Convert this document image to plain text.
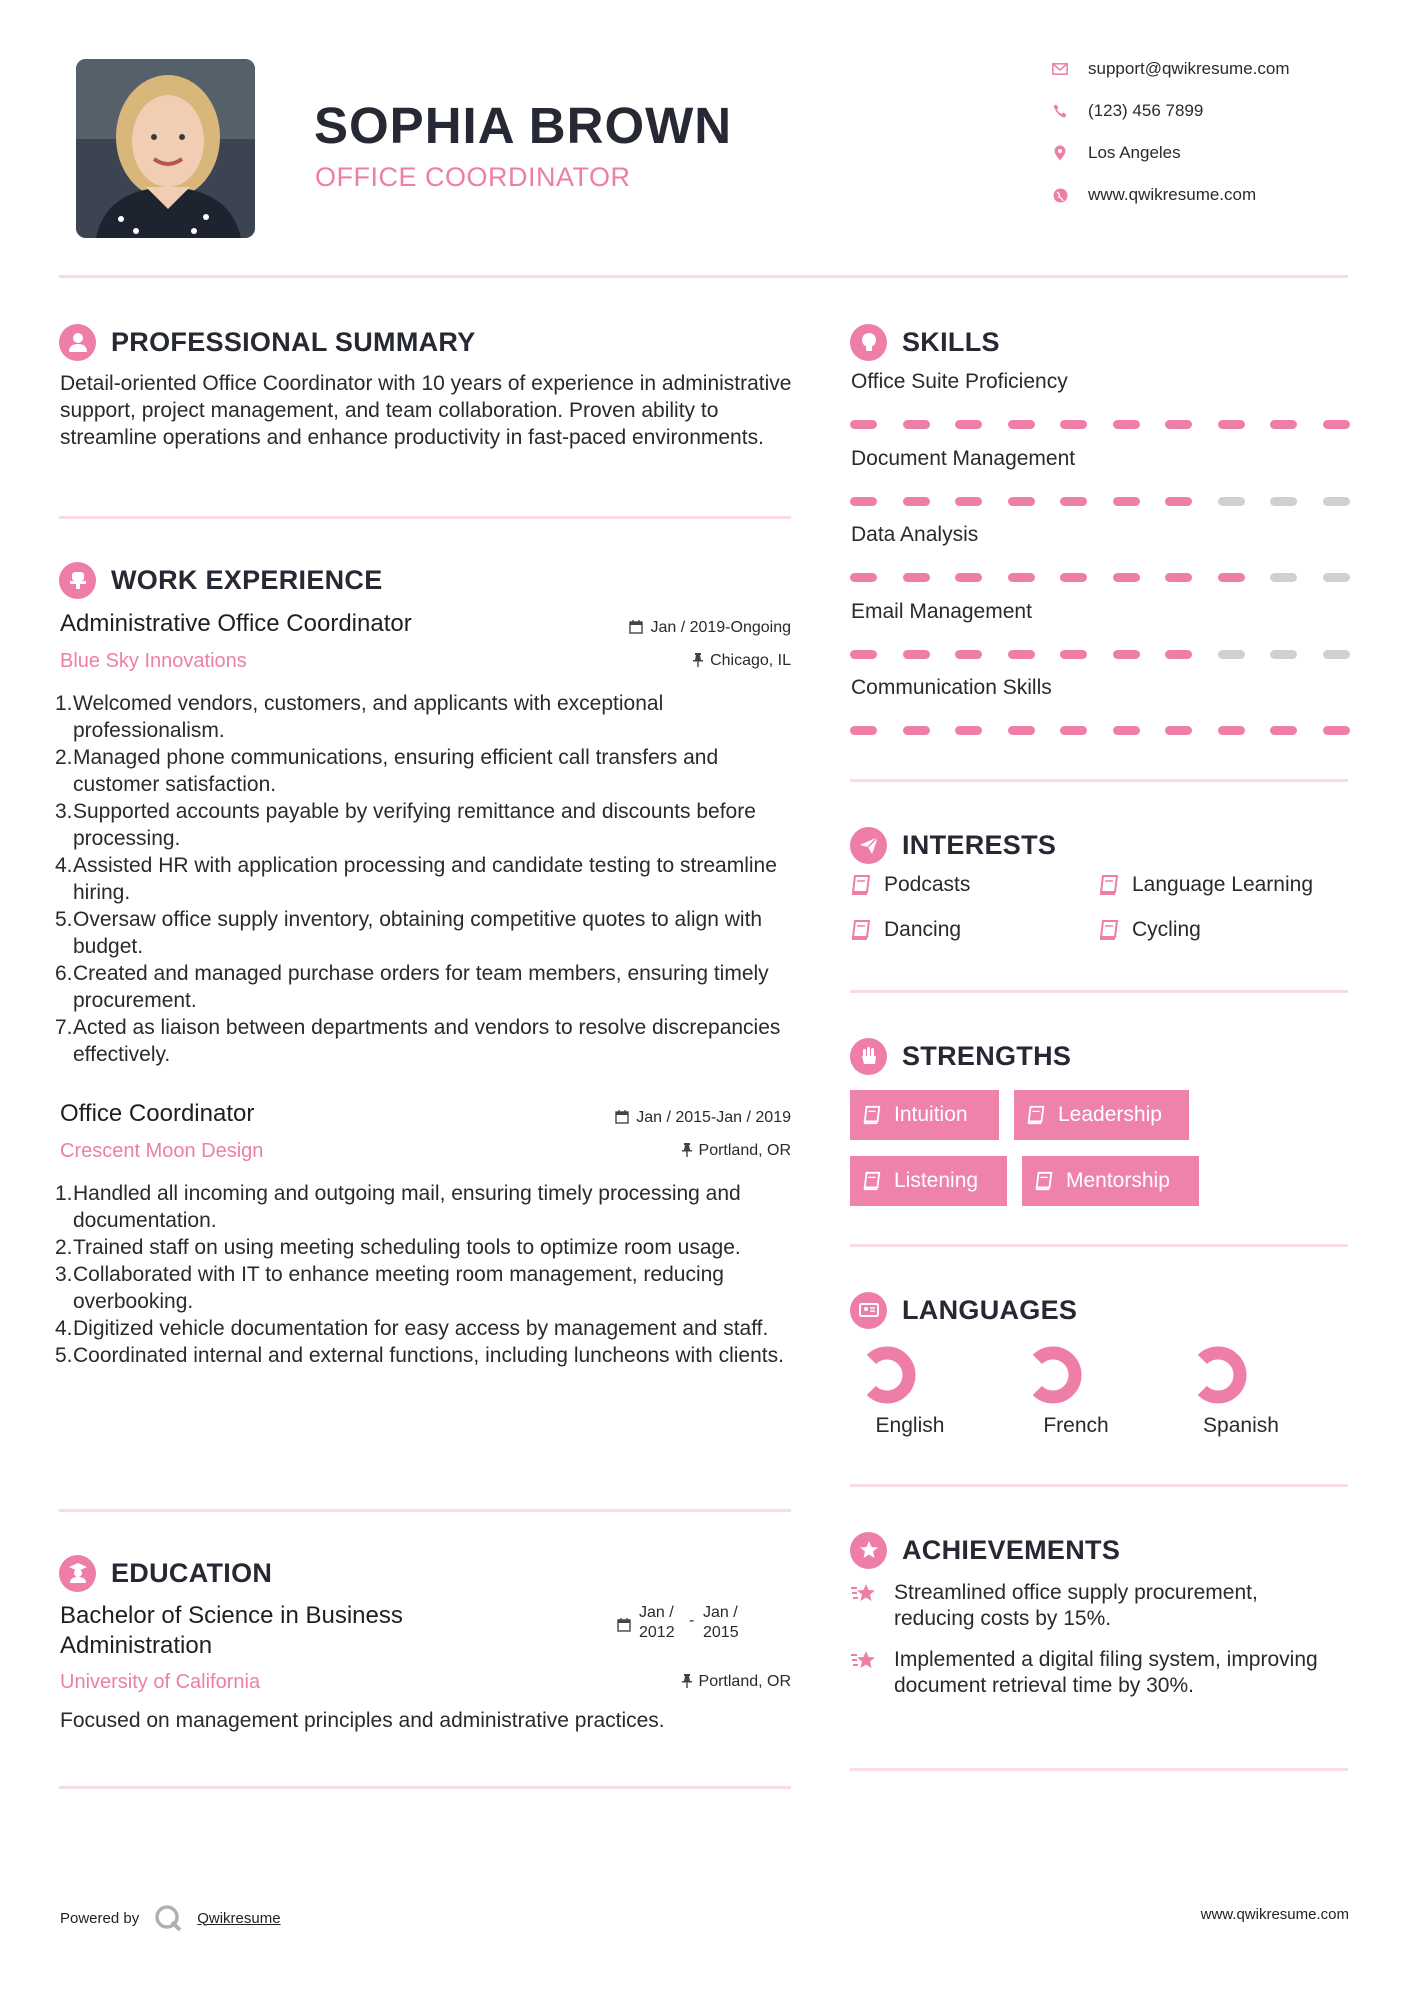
SOPHIA BROWN
OFFICE COORDINATOR
support@qwikresume.com
(123) 456 7899
Los Angeles
www.qwikresume.com
PROFESSIONAL SUMMARY
Detail-oriented Office Coordinator with 10 years of experience in administrative support, project management, and team collaboration. Proven ability to streamline operations and enhance productivity in fast-paced environments.
WORK EXPERIENCE
Administrative Office Coordinator	Jan / 2019-Ongoing
Blue Sky Innovations	Chicago, IL
1. Welcomed vendors, customers, and applicants with exceptional professionalism.
2. Managed phone communications, ensuring efficient call transfers and customer satisfaction.
3. Supported accounts payable by verifying remittance and discounts before processing.
4. Assisted HR with application processing and candidate testing to streamline hiring.
5. Oversaw office supply inventory, obtaining competitive quotes to align with budget.
6. Created and managed purchase orders for team members, ensuring timely procurement.
7. Acted as liaison between departments and vendors to resolve discrepancies effectively.
Office Coordinator	Jan / 2015-Jan / 2019
Crescent Moon Design	Portland, OR
1. Handled all incoming and outgoing mail, ensuring timely processing and documentation.
2. Trained staff on using meeting scheduling tools to optimize room usage.
3. Collaborated with IT to enhance meeting room management, reducing overbooking.
4. Digitized vehicle documentation for easy access by management and staff.
5. Coordinated internal and external functions, including luncheons with clients.
EDUCATION
Bachelor of Science in Business Administration
Jan / 2012
- Jan / 2015
University of California	Portland, OR
Focused on management principles and administrative practices.
SKILLS
Office Suite Proficiency
Document Management
Data Analysis
Email Management
Communication Skills
INTERESTS
Podcasts	Language Learning
Dancing	Cycling
STRENGTHS
Intuition	Leadership
Listening	Mentorship
LANGUAGES
English	French	Spanish
ACHIEVEMENTS
Streamlined office supply procurement, reducing costs by 15%.
Implemented a digital filing system, improving document retrieval time by 30%.
Powered by	Qwikresume	www.qwikresume.com
